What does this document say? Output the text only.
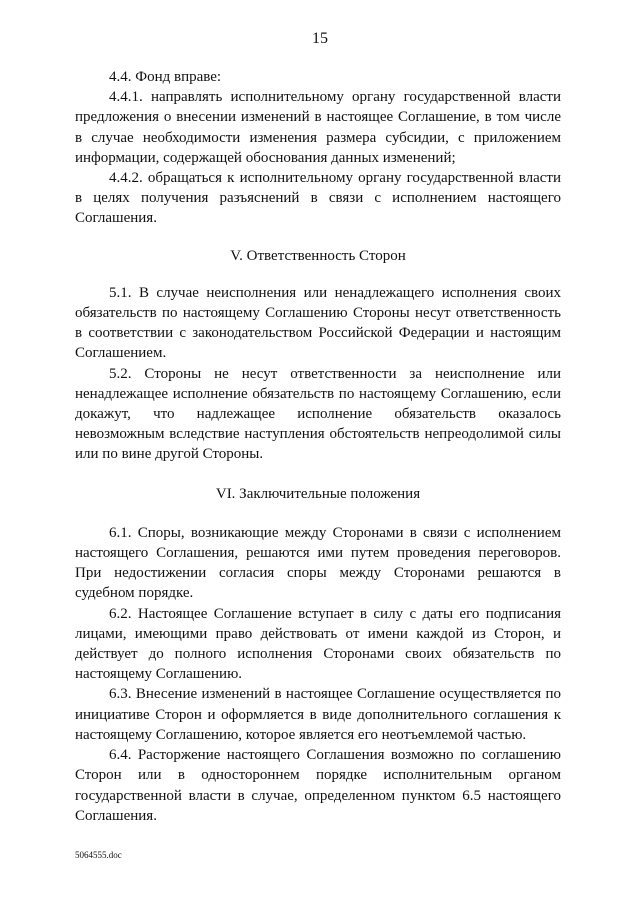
15

4.4. Фонд вправе:

4.4.1. направлять исполнительному органу государственной власти предложения о внесении изменений в настоящее Соглашение, в том числе в случае необходимости изменения размера субсидии, с приложением информации, содержащей обоснования данных изменений;

4.4.2. обращаться к исполнительному органу государственной власти в целях получения разъяснений в связи с исполнением настоящего Соглашения.

V. Ответственность Сторон

5.1. В случае неисполнения или ненадлежащего исполнения своих обязательств по настоящему Соглашению Стороны несут ответственность в соответствии с законодательством Российской Федерации и настоящим Соглашением.

5.2. Стороны не несут ответственности за неисполнение или ненадлежащее исполнение обязательств по настоящему Соглашению, если докажут, что надлежащее исполнение обязательств оказалось невозможным вследствие наступления обстоятельств непреодолимой силы или по вине другой Стороны.

VI. Заключительные положения

6.1. Споры, возникающие между Сторонами в связи с исполнением настоящего Соглашения, решаются ими путем проведения переговоров. При недостижении согласия споры между Сторонами решаются в судебном порядке.

6.2. Настоящее Соглашение вступает в силу с даты его подписания лицами, имеющими право действовать от имени каждой из Сторон, и действует до полного исполнения Сторонами своих обязательств по настоящему Соглашению.

6.3. Внесение изменений в настоящее Соглашение осуществляется по инициативе Сторон и оформляется в виде дополнительного соглашения к настоящему Соглашению, которое является его неотъемлемой частью.

6.4. Расторжение настоящего Соглашения возможно по соглашению Сторон или в одностороннем порядке исполнительным органом государственной власти в случае, определенном пунктом 6.5 настоящего Соглашения.

5064555.doc
